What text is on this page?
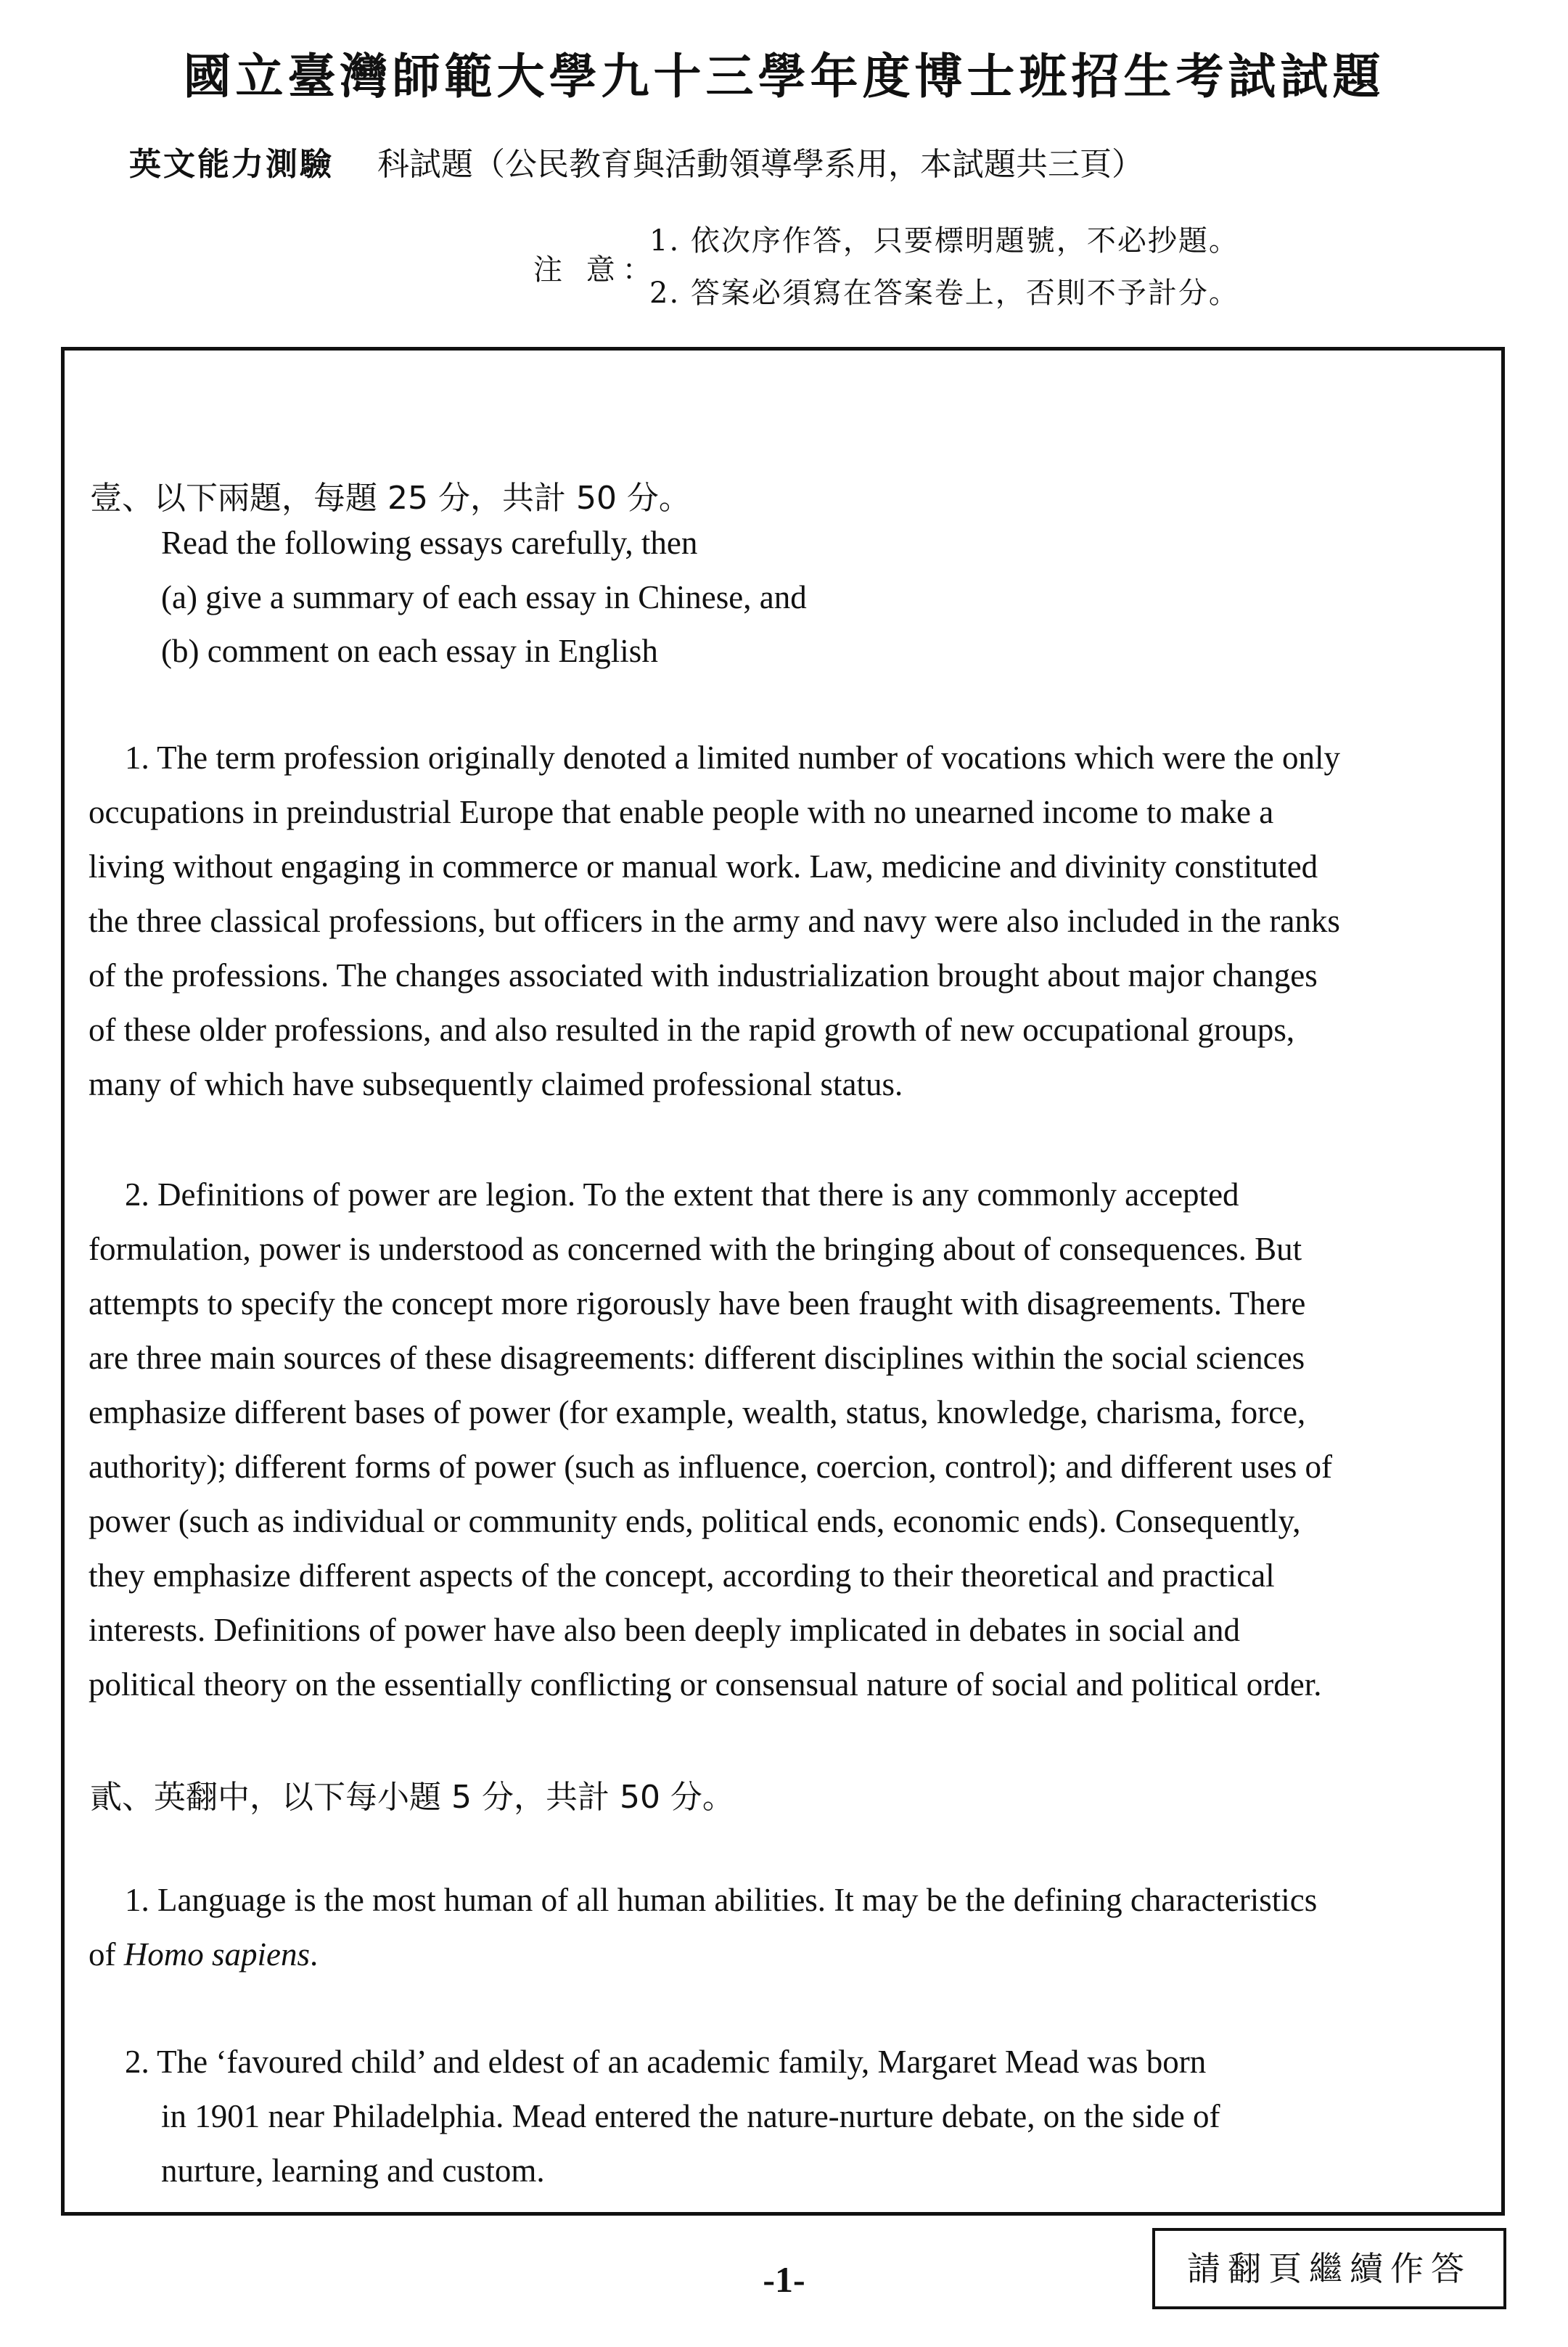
國立臺灣師範大學九十三學年度博士班招生考試試題
英文能力測驗 科試題（公民教育與活動領導學系用，本試題共三頁）
注 意：
1. 依次序作答，只要標明題號，不必抄題。
2. 答案必須寫在答案卷上，否則不予計分。
壹、以下兩題，每題 25 分，共計 50 分。
Read the following essays carefully, then
(a) give a summary of each essay in Chinese, and
(b) comment on each essay in English
1. The term profession originally denoted a limited number of vocations which were the only
occupations in preindustrial Europe that enable people with no unearned income to make a
living without engaging in commerce or manual work. Law, medicine and divinity constituted
the three classical professions, but officers in the army and navy were also included in the ranks
of the professions. The changes associated with industrialization brought about major changes
of these older professions, and also resulted in the rapid growth of new occupational groups,
many of which have subsequently claimed professional status.
2. Definitions of power are legion. To the extent that there is any commonly accepted
formulation, power is understood as concerned with the bringing about of consequences. But
attempts to specify the concept more rigorously have been fraught with disagreements. There
are three main sources of these disagreements: different disciplines within the social sciences
emphasize different bases of power (for example, wealth, status, knowledge, charisma, force,
authority); different forms of power (such as influence, coercion, control); and different uses of
power (such as individual or community ends, political ends, economic ends). Consequently,
they emphasize different aspects of the concept, according to their theoretical and practical
interests. Definitions of power have also been deeply implicated in debates in social and
political theory on the essentially conflicting or consensual nature of social and political order.
貳、英翻中，以下每小題 5 分，共計 50 分。
1. Language is the most human of all human abilities. It may be the defining characteristics
of Homo sapiens.
2. The ‘favoured child’ and eldest of an academic family, Margaret Mead was born
in 1901 near Philadelphia. Mead entered the nature-nurture debate, on the side of
nurture, learning and custom.
-1-	請翻頁繼續作答
